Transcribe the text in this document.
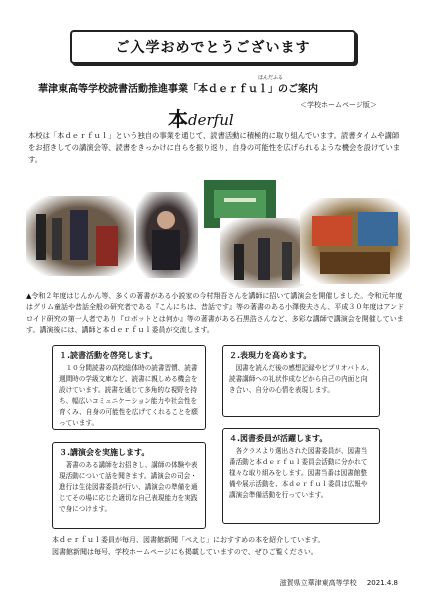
ご入学おめでとうございます
華津東高等学校読書活動推進事業「本ｄｅｒｆｕｌ」のご案内
ほんだふる
＜学校ホームページ版＞
本 derful
本校は「本ｄｅｒｆｕｌ」という独自の事業を通じて、読書活動に積極的に取り組んでいます。読書タイムや講師をお招きしての講演会等、読書をきっかけに自らを振り返り、自身の可能性を広げられるような機会を設けています。
▲令和２年度はじんかん等、多くの著書がある小説家の今村翔吾さんを講師に招いて講演会を開催しました。令和元年度はグリム童話や昔話全般の研究者である『こんにちは、昔話です』等の著書のある小澤俊夫さん、平成３０年度はアンドロイド研究の第一人者であり『ロボットとは何か』等の著書がある石黒浩さんなど、多彩な講師で講演会を開催しています。講演後には、講師と本ｄｅｒｆｕｌ委員が交流します。
１.読書活動を啓発します。

１０分間読書の高校総体時の読書習慣、読書週間時の学級文庫など、読書に親しめる機会を設けています。読書を通じて多角的な視野を持ち、幅広いコミュニケーション能力や社会性を育くみ、自身の可能性を広げてくれることを願っています。

２.表現力を高めます。

図書を読んだ後の感想記録やビブリオバトル、読書講師への礼状作成などから自己の内面と向き合い、自分の心情を表現します。

３.講演会を実施します。

著書のある講師をお招きし、講師の体験や表現活動について話を聞きます。講演会の司会・進行は生徒図書委員が行い、講演会の準備を通じてその場に応じた適切な自己表現能力を実践で身につけます。

４.図書委員が活躍します。

各クラスより選出された図書委員が、図書当番活動と本ｄｅｒｆｕｌ委員会活動に分かれて様々な取り組みをします。図書当番は図書館整備や展示活動を、本ｄｅｒｆｕｌ委員は広報や講演会準備活動を行っています。

本ｄｅｒｆｕｌ委員が毎月、図書館新聞「ぺえじ」におすすめの本を紹介しています。
図書館新聞は毎号、学校ホームページにも掲載していますので、ぜひご覧ください。
滋賀県立華津東高等学校 2021.4.8
